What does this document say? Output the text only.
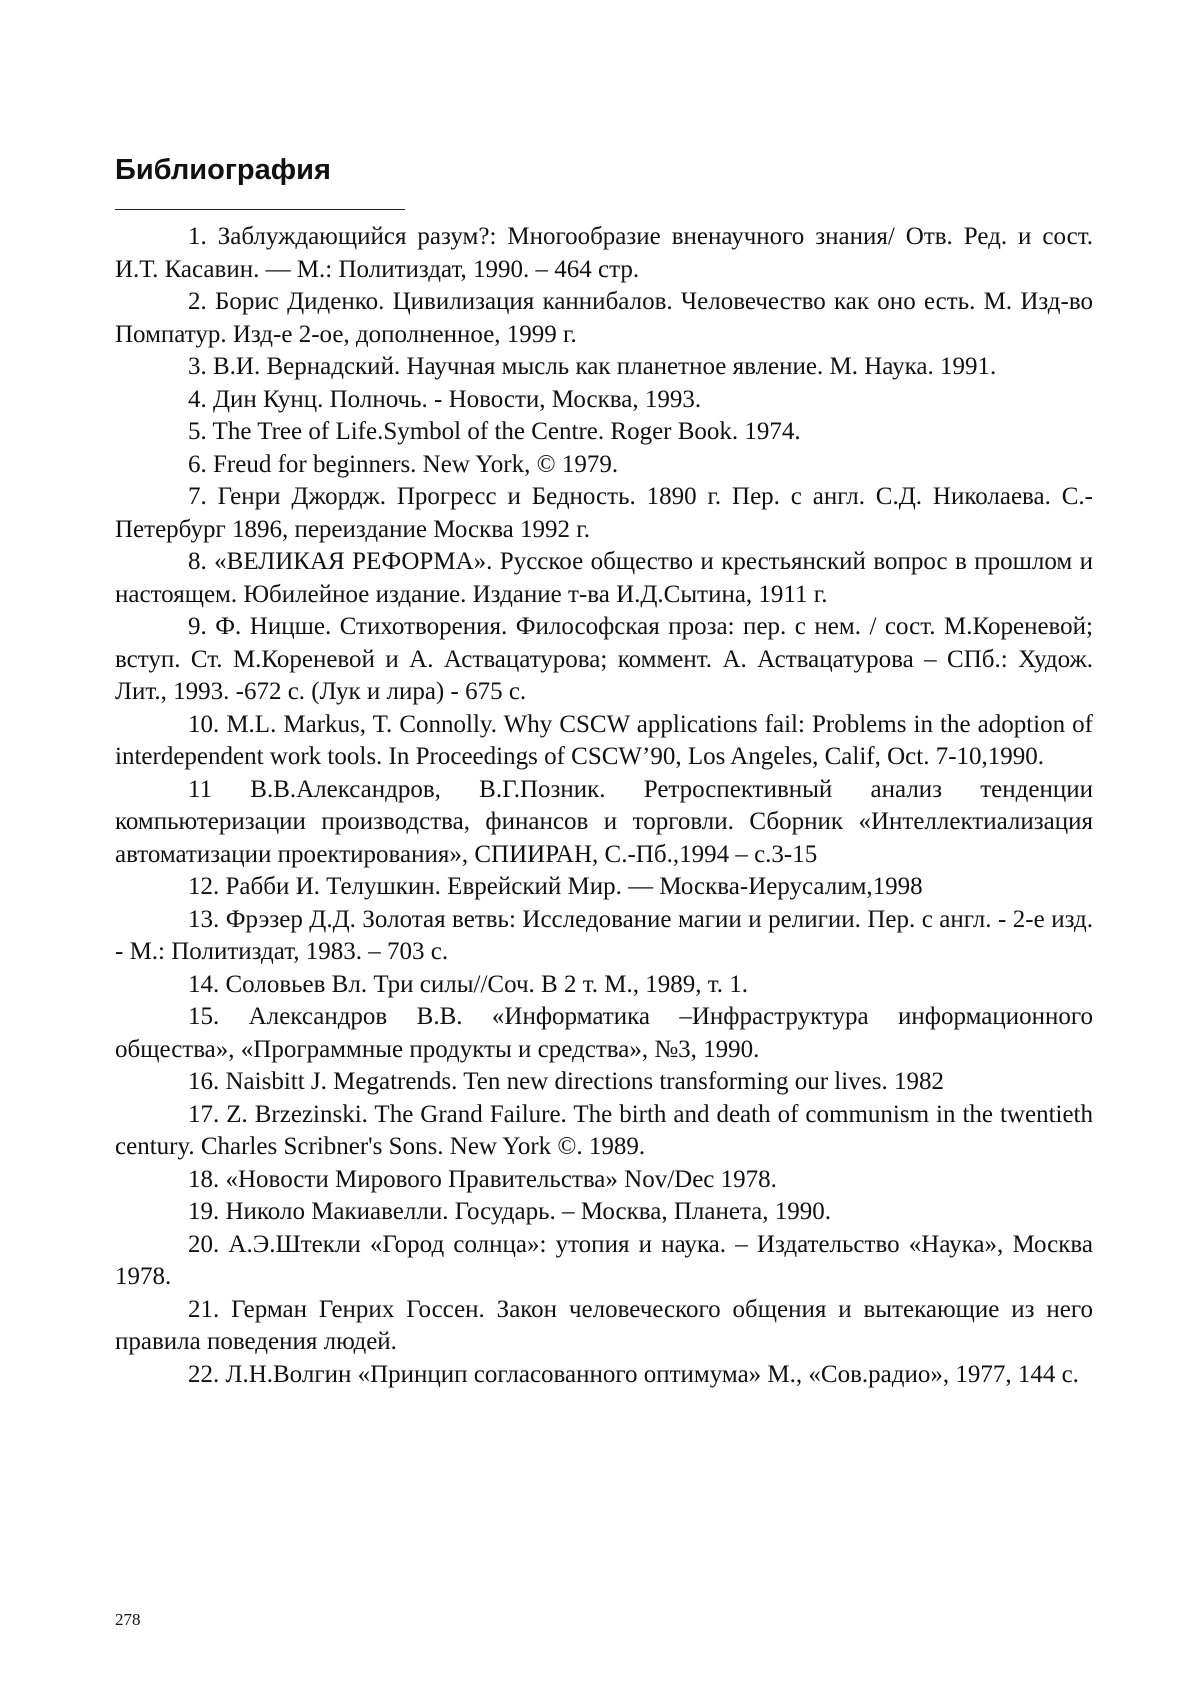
Библиография

1. Заблуждающийся разум?: Многообразие вненаучного знания/ Отв. Ред. и сост. И.Т. Касавин. — М.: Политиздат, 1990. – 464 стр.

2. Борис Диденко. Цивилизация каннибалов. Человечество как оно есть. М. Изд-во Помпатур. Изд-е 2-ое, дополненное, 1999 г.

3. В.И. Вернадский. Научная мысль как планетное явление. М. Наука. 1991.

4. Дин Кунц. Полночь. - Новости, Москва, 1993.

5. The Tree of Life.Symbol of the Centre. Roger Book. 1974.

6. Freud for beginners. New York, © 1979.

7. Генри Джордж. Прогресс и Бедность. 1890 г. Пер. с англ. С.Д. Николаева. С.-Петербург 1896, переиздание Москва 1992 г.

8. «ВЕЛИКАЯ РЕФОРМА». Русское общество и крестьянский вопрос в прошлом и настоящем. Юбилейное издание. Издание т-ва И.Д.Сытина, 1911 г.

9. Ф. Ницше. Стихотворения. Философская проза: пер. с нем. / сост. М.Кореневой; вступ. Ст. М.Кореневой и А. Аствацатурова; коммент. А. Аствацатурова – СПб.: Худож. Лит., 1993. -672 с. (Лук и лира) - 675 с.

10. M.L. Markus, T. Connolly. Why CSCW applications fail: Problems in the adoption of interdependent work tools. In Proceedings of CSCW’90, Los Angeles, Calif, Oct. 7-10,1990.

11 В.В.Александров, В.Г.Позник. Ретроспективный анализ тенденции компьютеризации производства, финансов и торговли. Сборник «Интеллектиализация автоматизации проектирования», СПИИРАН, С.-Пб.,1994 – с.3-15

12. Рабби И. Телушкин. Еврейский Мир. — Москва-Иерусалим,1998

13. Фрэзер Д.Д. Золотая ветвь: Исследование магии и религии. Пер. с англ. - 2-е изд. - М.: Политиздат, 1983. – 703 с.

14. Соловьев Вл. Три силы//Соч. В 2 т. М., 1989, т. 1.

15. Александров В.В. «Информатика –Инфраструктура информационного общества», «Программные продукты и средства», №3, 1990.

16. Naisbitt J. Megatrends. Ten new directions transforming our lives. 1982

17. Z. Brzezinski. The Grand Failure. The birth and death of communism in the twentieth century. Charles Scribner's Sons. New York ©. 1989.

18. «Новости Мирового Правительства» Nov/Dec 1978.

19. Николо Макиавелли. Государь. – Москва, Планета, 1990.

20. А.Э.Штекли «Город солнца»: утопия и наука. – Издательство «Наука», Москва 1978.

21. Герман Генрих Госсен. Закон человеческого общения и вытекающие из него правила поведения людей.

22. Л.Н.Волгин «Принцип согласованного оптимума» М., «Сов.радио», 1977, 144 с.

278
